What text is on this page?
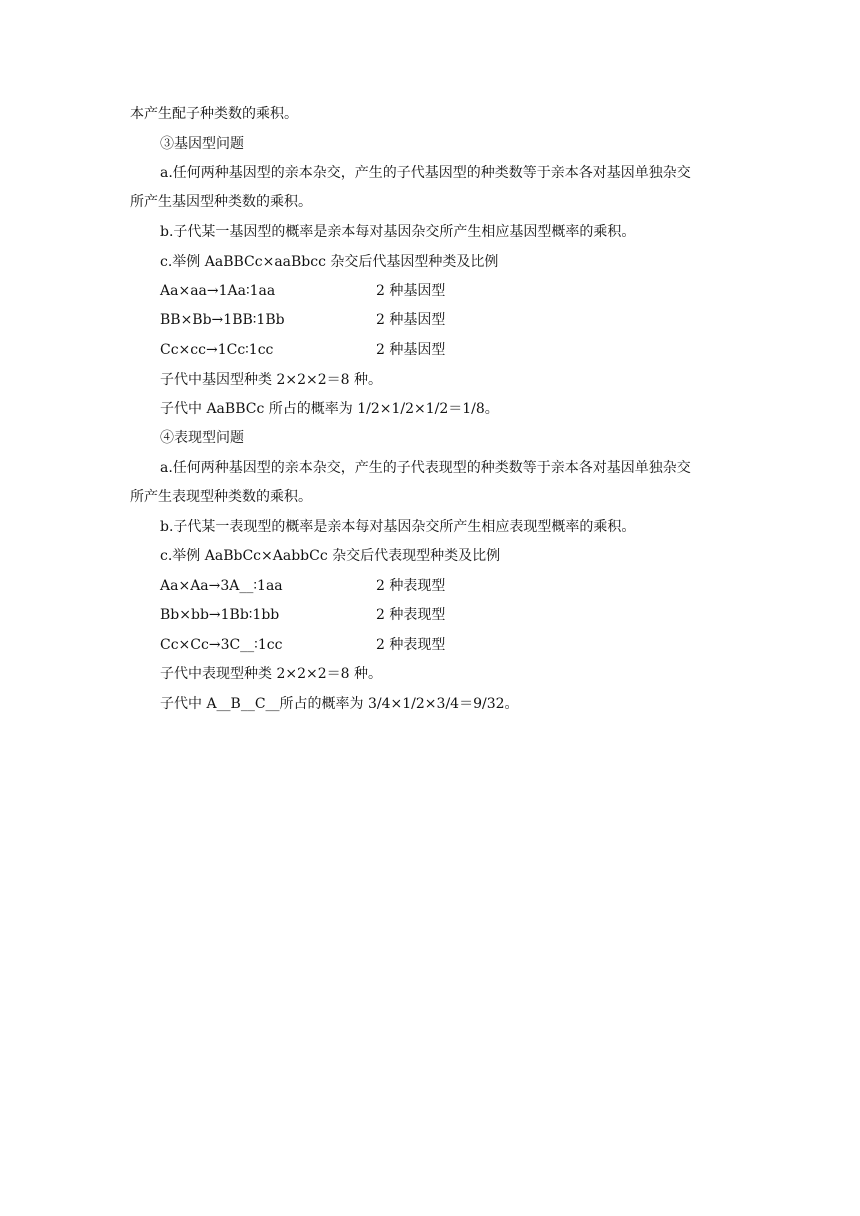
本产生配子种类数的乘积。
③基因型问题
a.任何两种基因型的亲本杂交，产生的子代基因型的种类数等于亲本各对基因单独杂交
所产生基因型种类数的乘积。
b.子代某一基因型的概率是亲本每对基因杂交所产生相应基因型概率的乘积。
c.举例 AaBBCc×aaBbcc 杂交后代基因型种类及比例
Aa×aa→1Aa∶1aa	2 种基因型
BB×Bb→1BB∶1Bb	2 种基因型
Cc×cc→1Cc∶1cc	2 种基因型
子代中基因型种类 2×2×2＝8 种。
子代中 AaBBCc 所占的概率为 1/2×1/2×1/2＝1/8。
④表现型问题
a.任何两种基因型的亲本杂交，产生的子代表现型的种类数等于亲本各对基因单独杂交
所产生表现型种类数的乘积。
b.子代某一表现型的概率是亲本每对基因杂交所产生相应表现型概率的乘积。
c.举例 AaBbCc×AabbCc 杂交后代表现型种类及比例
Aa×Aa→3A__∶1aa	2 种表现型
Bb×bb→1Bb∶1bb	2 种表现型
Cc×Cc→3C__∶1cc	2 种表现型
子代中表现型种类 2×2×2＝8 种。
子代中 A__B__C__所占的概率为 3/4×1/2×3/4＝9/32。
